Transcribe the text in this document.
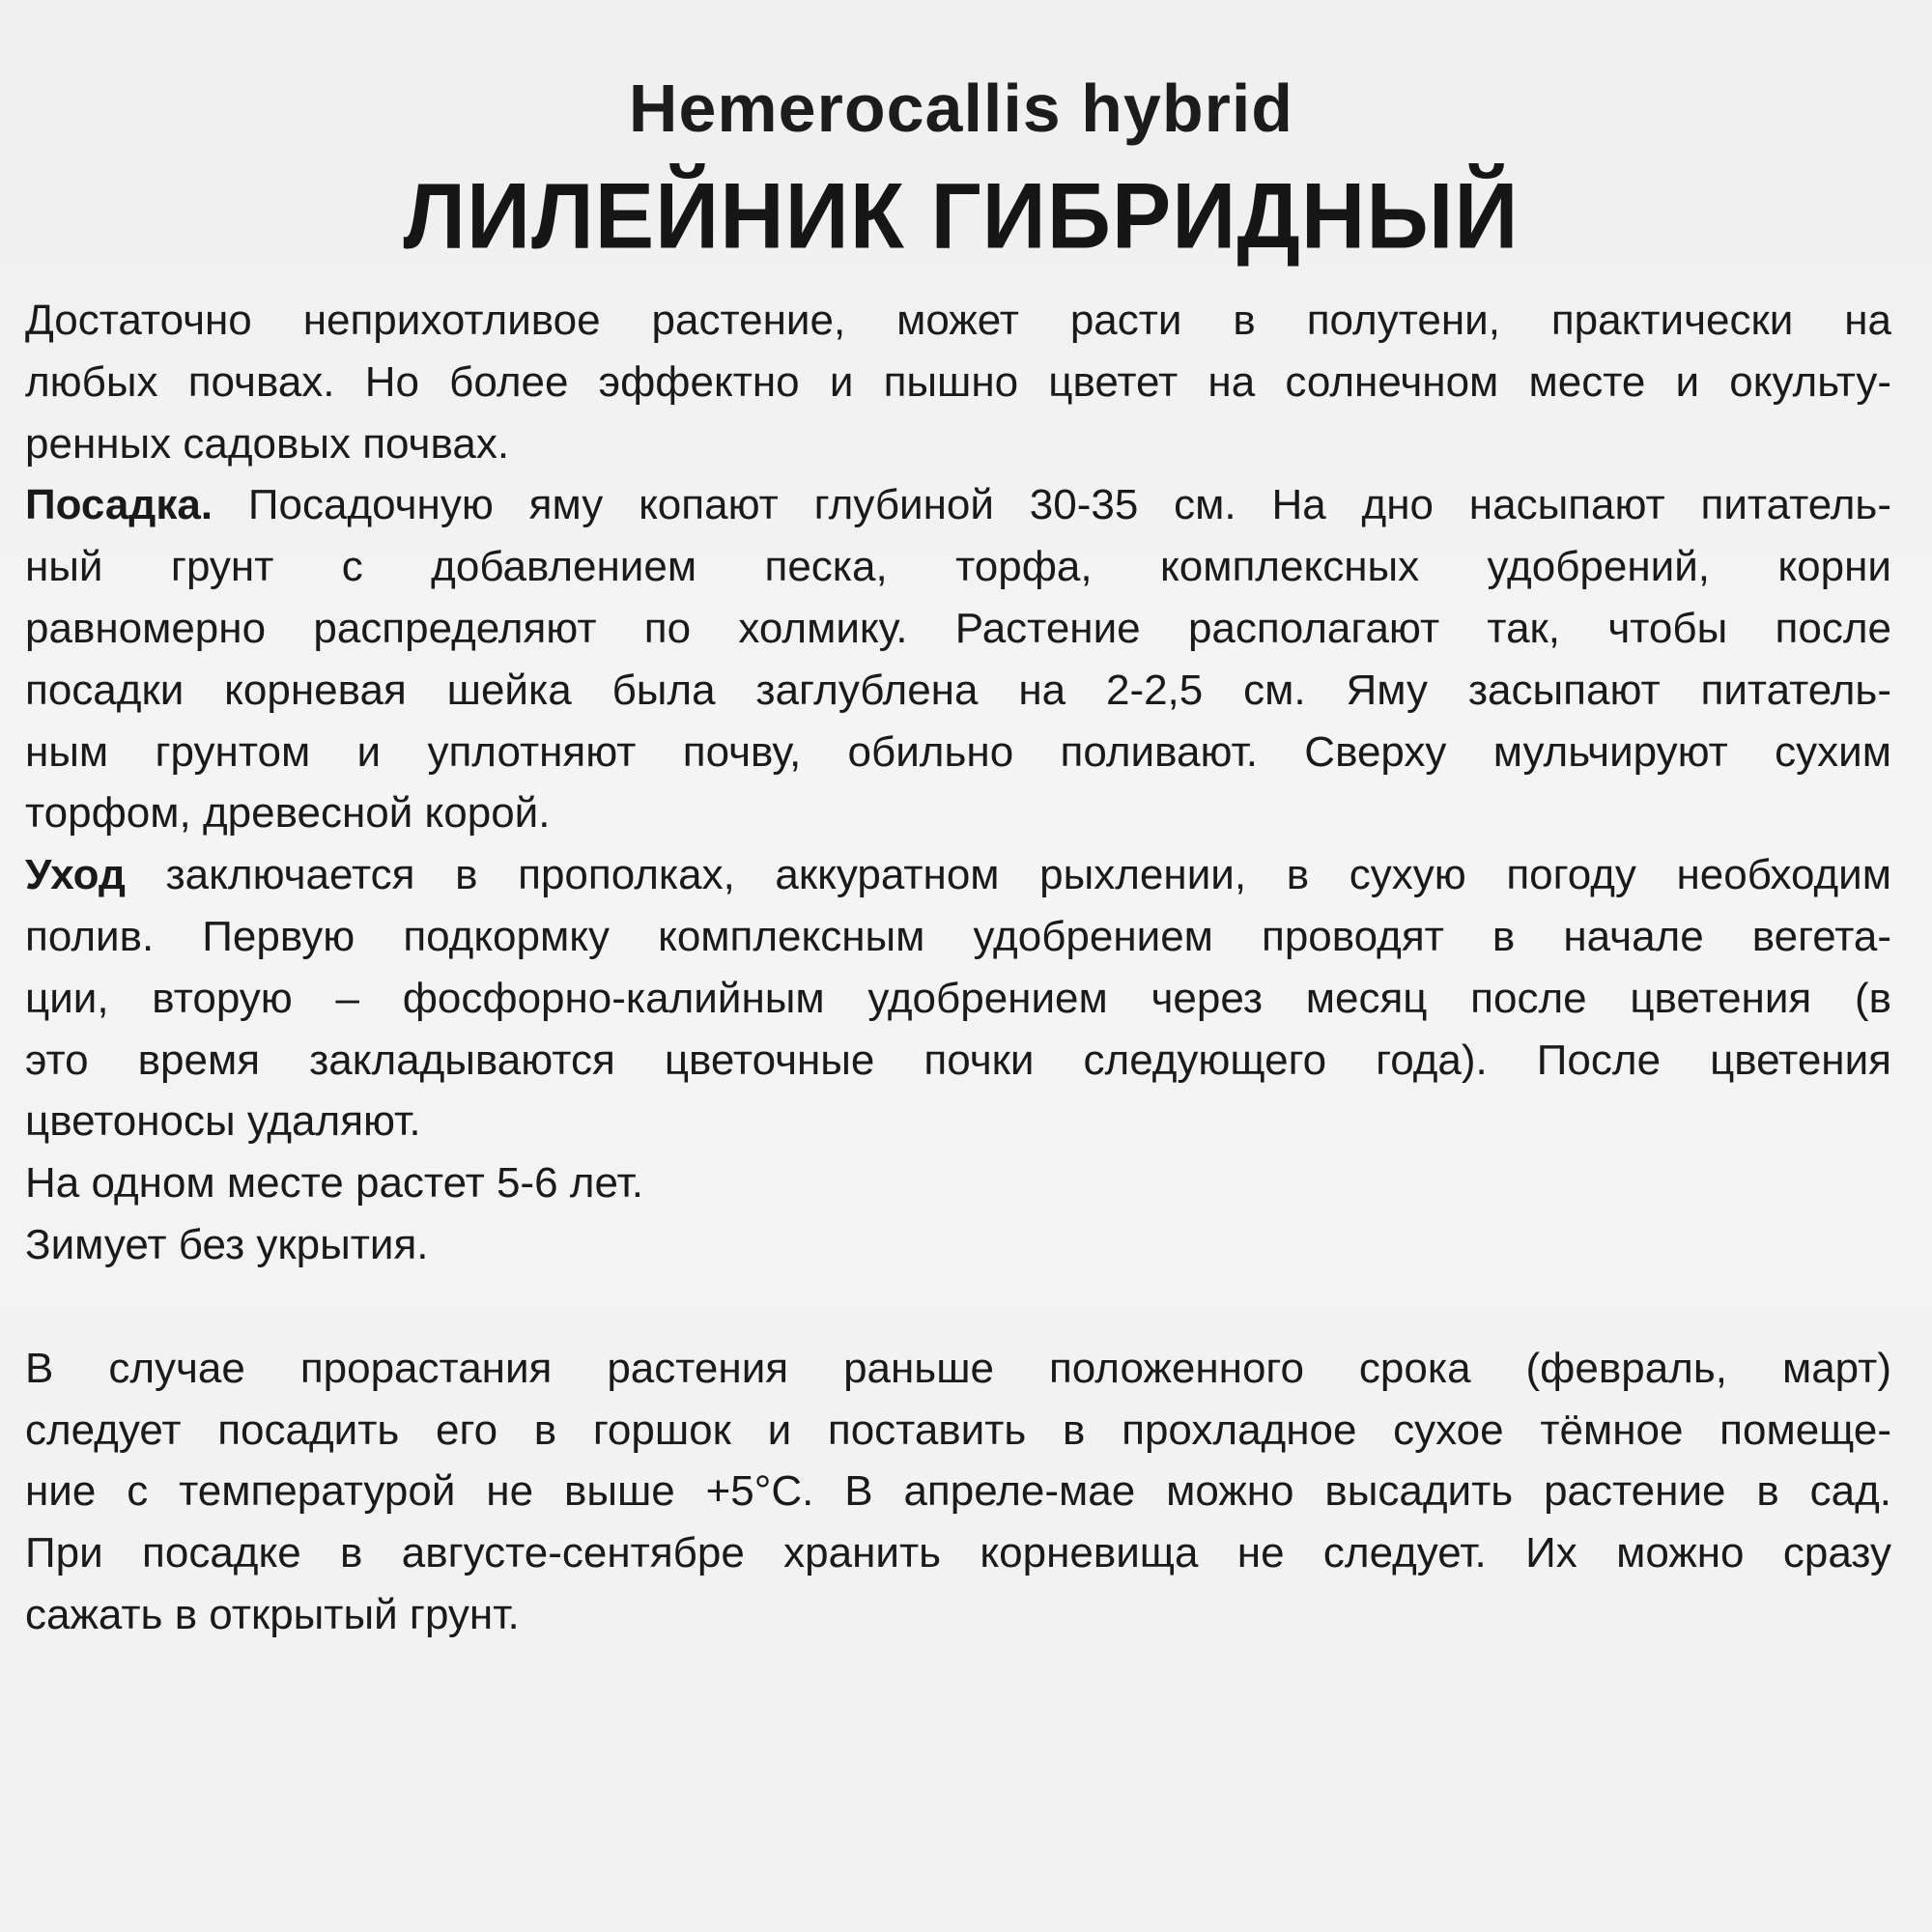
Hemerocallis hybrid
ЛИЛЕЙНИК ГИБРИДНЫЙ
Достаточно неприхотливое растение, может расти в полутени, практически на
любых почвах. Но более эффектно и пышно цветет на солнечном месте и окульту-
ренных садовых почвах.
Посадка. Посадочную яму копают глубиной 30-35 см. На дно насыпают питатель-
ный грунт с добавлением песка, торфа, комплексных удобрений, корни
равномерно распределяют по холмику. Растение располагают так, чтобы после
посадки корневая шейка была заглублена на 2-2,5 см. Яму засыпают питатель-
ным грунтом и уплотняют почву, обильно поливают. Сверху мульчируют сухим
торфом, древесной корой.
Уход заключается в прополках, аккуратном рыхлении, в сухую погоду необходим
полив. Первую подкормку комплексным удобрением проводят в начале вегета-
ции, вторую – фосфорно-калийным удобрением через месяц после цветения (в
это время закладываются цветочные почки следующего года). После цветения
цветоносы удаляют.
На одном месте растет 5-6 лет.
Зимует без укрытия.
В случае прорастания растения раньше положенного срока (февраль, март)
следует посадить его в горшок и поставить в прохладное сухое тёмное помеще-
ние с температурой не выше +5°С. В апреле-мае можно высадить растение в сад.
При посадке в августе-сентябре хранить корневища не следует. Их можно сразу
сажать в открытый грунт.
